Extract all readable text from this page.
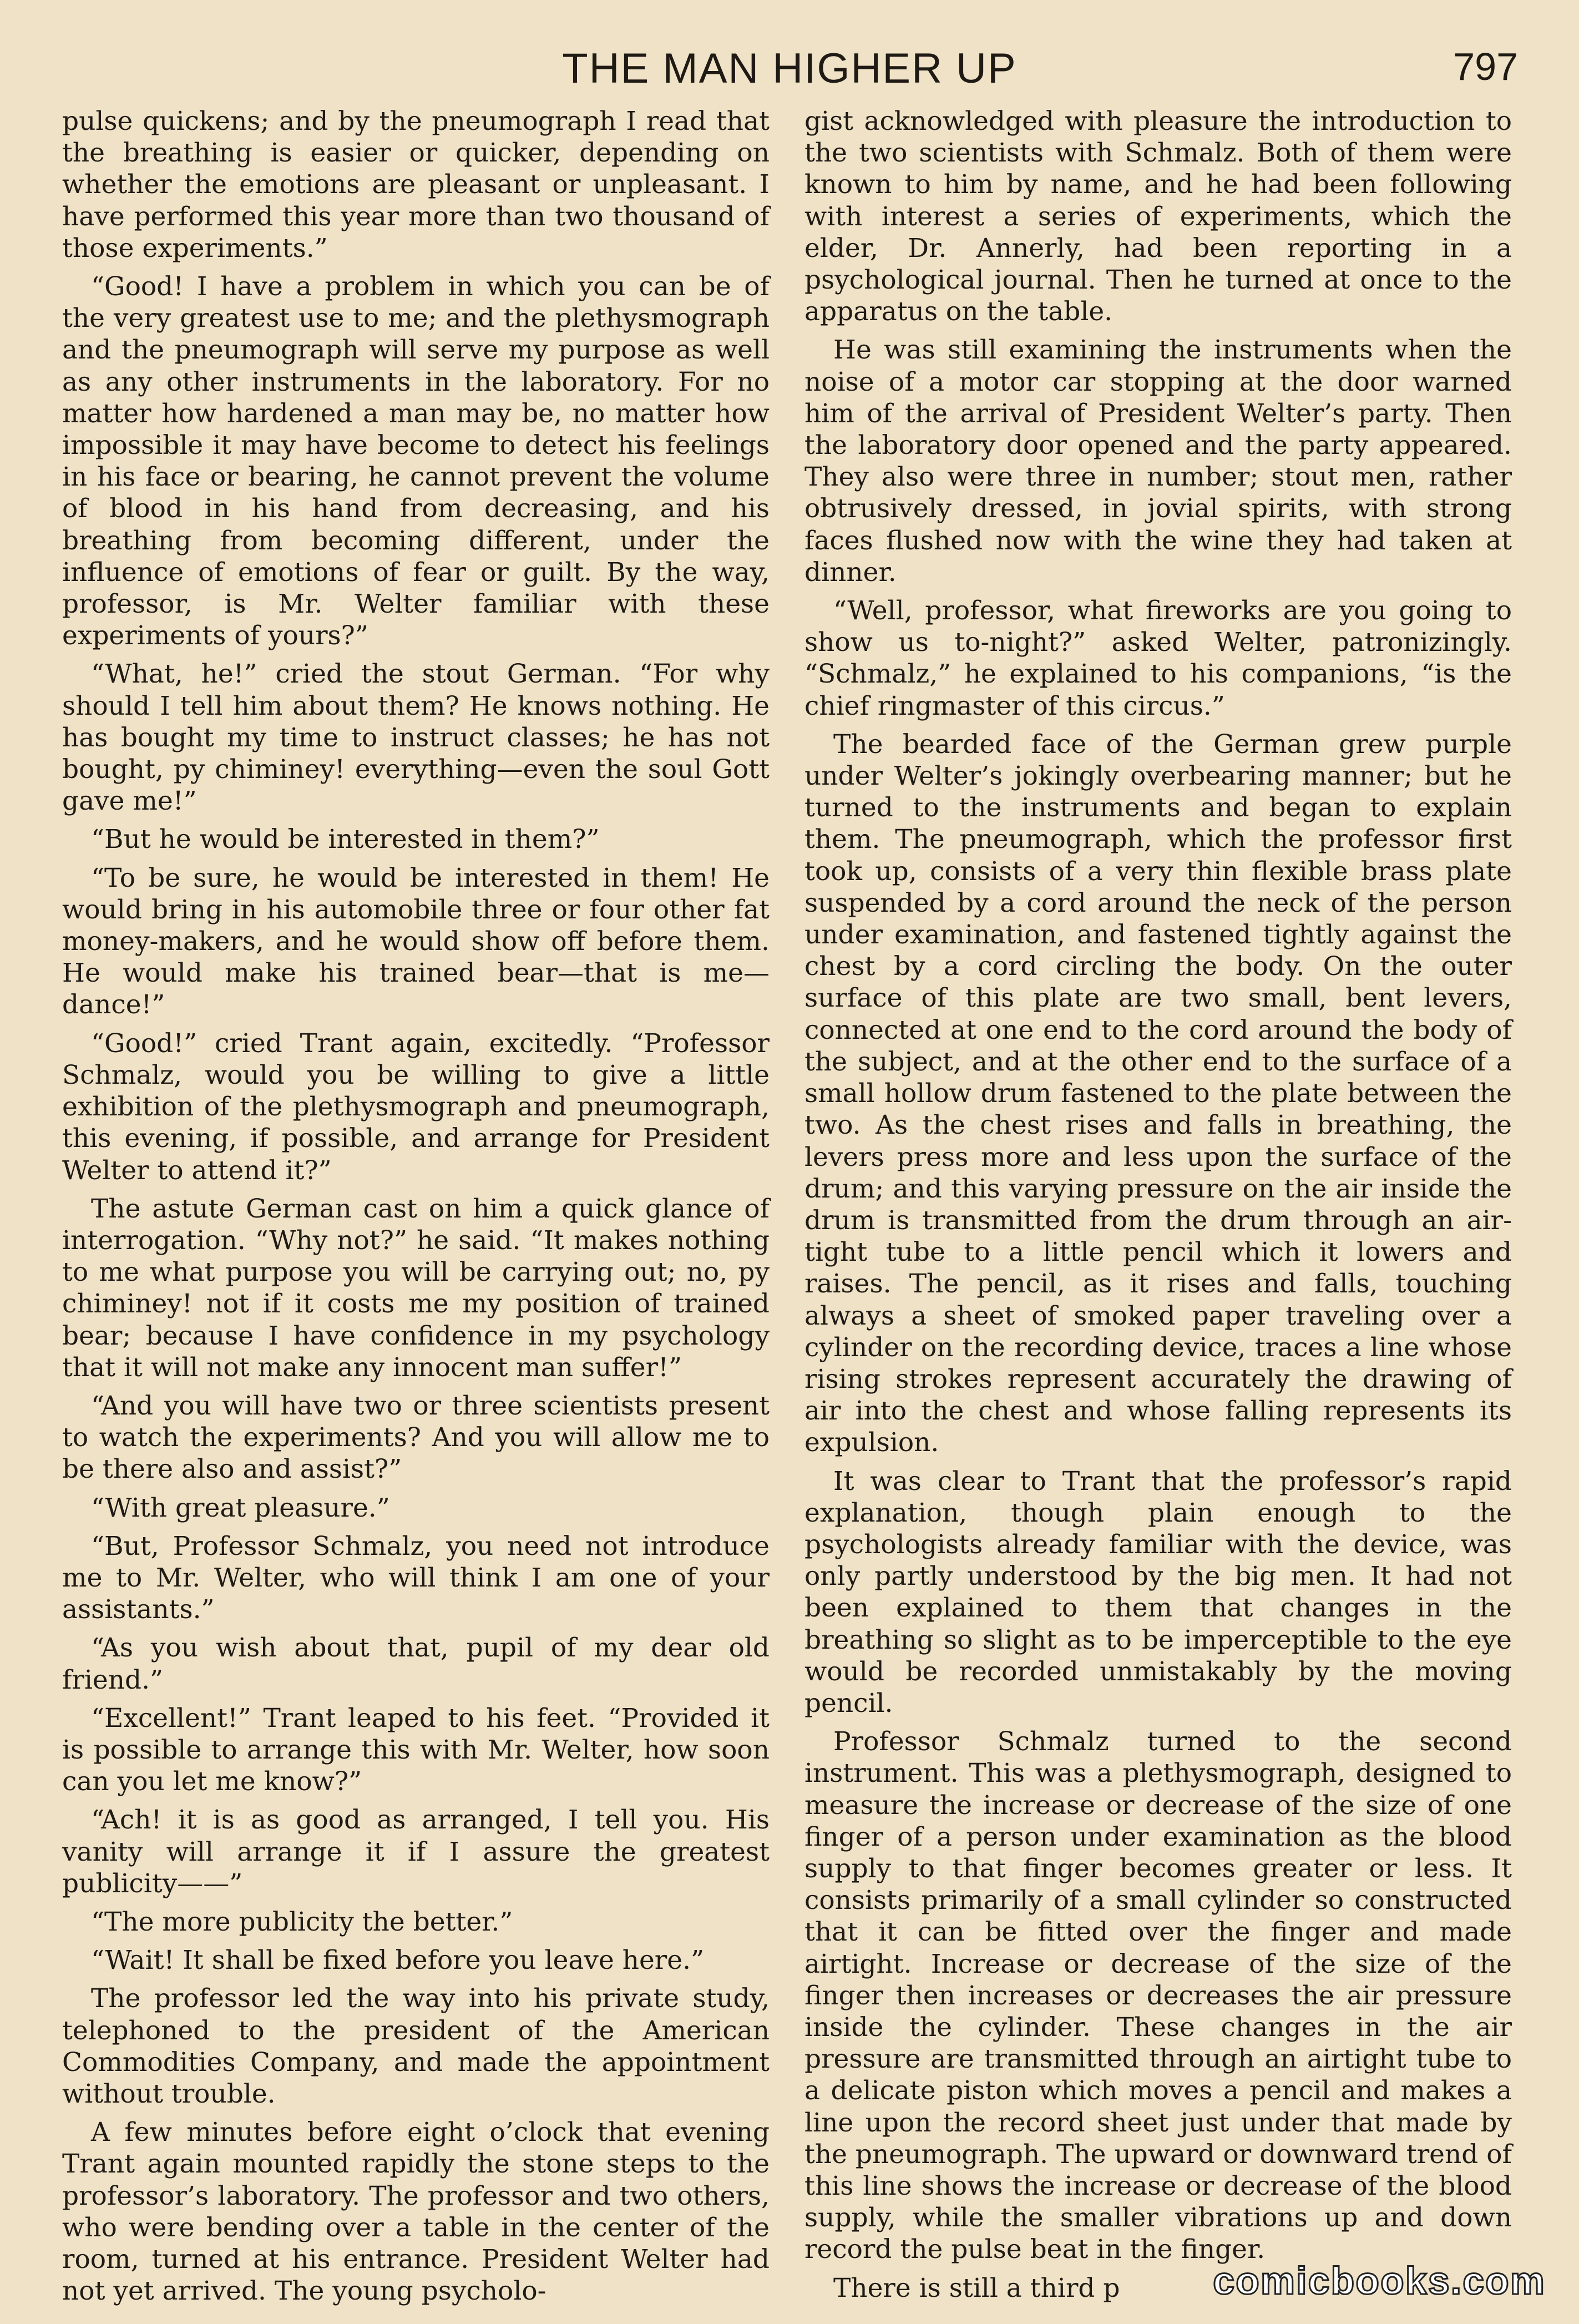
THE MAN HIGHER UP	797

pulse quickens; and by the pneumograph I read that the breathing is easier or quicker, depending on whether the emotions are pleasant or unpleasant. I have performed this year more than two thousand of those experiments.”

“Good! I have a problem in which you can be of the very greatest use to me; and the plethysmograph and the pneumograph will serve my purpose as well as any other instruments in the laboratory. For no matter how hardened a man may be, no matter how impossible it may have become to detect his feelings in his face or bearing, he cannot prevent the volume of blood in his hand from decreasing, and his breathing from becoming different, under the influence of emotions of fear or guilt. By the way, professor, is Mr. Welter familiar with these experiments of yours?”

“What, he!” cried the stout German. “For why should I tell him about them? He knows nothing. He has bought my time to instruct classes; he has not bought, py chiminey! everything—even the soul Gott gave me!”

“But he would be interested in them?”

“To be sure, he would be interested in them! He would bring in his automobile three or four other fat money-makers, and he would show off before them. He would make his trained bear—that is me—dance!”

“Good!” cried Trant again, excitedly. “Professor Schmalz, would you be willing to give a little exhibition of the plethysmograph and pneumograph, this evening, if possible, and arrange for President Welter to attend it?”

The astute German cast on him a quick glance of interrogation. “Why not?” he said. “It makes nothing to me what purpose you will be carrying out; no, py chiminey! not if it costs me my position of trained bear; because I have confidence in my psychology that it will not make any innocent man suffer!”

“And you will have two or three scientists present to watch the experiments? And you will allow me to be there also and assist?”

“With great pleasure.”

“But, Professor Schmalz, you need not introduce me to Mr. Welter, who will think I am one of your assistants.”

“As you wish about that, pupil of my dear old friend.”

“Excellent!” Trant leaped to his feet. “Provided it is possible to arrange this with Mr. Welter, how soon can you let me know?”

“Ach! it is as good as arranged, I tell you. His vanity will arrange it if I assure the greatest publicity——”

“The more publicity the better.”

“Wait! It shall be fixed before you leave here.”

The professor led the way into his private study, telephoned to the president of the American Commodities Company, and made the appointment without trouble.

A few minutes before eight o’clock that evening Trant again mounted rapidly the stone steps to the professor’s laboratory. The professor and two others, who were bending over a table in the center of the room, turned at his entrance. President Welter had not yet arrived. The young psycholo-

gist acknowledged with pleasure the introduction to the two scientists with Schmalz. Both of them were known to him by name, and he had been following with interest a series of experiments, which the elder, Dr. Annerly, had been reporting in a psychological journal. Then he turned at once to the apparatus on the table.

He was still examining the instruments when the noise of a motor car stopping at the door warned him of the arrival of President Welter’s party. Then the laboratory door opened and the party appeared. They also were three in number; stout men, rather obtrusively dressed, in jovial spirits, with strong faces flushed now with the wine they had taken at dinner.

“Well, professor, what fireworks are you going to show us to-night?” asked Welter, patronizingly. “Schmalz,” he explained to his companions, “is the chief ringmaster of this circus.”

The bearded face of the German grew purple under Welter’s jokingly overbearing manner; but he turned to the instruments and began to explain them. The pneumograph, which the professor first took up, consists of a very thin flexible brass plate suspended by a cord around the neck of the person under examination, and fastened tightly against the chest by a cord circling the body. On the outer surface of this plate are two small, bent levers, connected at one end to the cord around the body of the subject, and at the other end to the surface of a small hollow drum fastened to the plate between the two. As the chest rises and falls in breathing, the levers press more and less upon the surface of the drum; and this varying pressure on the air inside the drum is transmitted from the drum through an air-tight tube to a little pencil which it lowers and raises. The pencil, as it rises and falls, touching always a sheet of smoked paper traveling over a cylinder on the recording device, traces a line whose rising strokes represent accurately the drawing of air into the chest and whose falling represents its expulsion.

It was clear to Trant that the professor’s rapid explanation, though plain enough to the psychologists already familiar with the device, was only partly understood by the big men. It had not been explained to them that changes in the breathing so slight as to be imperceptible to the eye would be recorded unmistakably by the moving pencil.

Professor Schmalz turned to the second instrument. This was a plethysmograph, designed to measure the increase or decrease of the size of one finger of a person under examination as the blood supply to that finger becomes greater or less. It consists primarily of a small cylinder so constructed that it can be fitted over the finger and made airtight. Increase or decrease of the size of the finger then increases or decreases the air pressure inside the cylinder. These changes in the air pressure are transmitted through an airtight tube to a delicate piston which moves a pencil and makes a line upon the record sheet just under that made by the pneumograph. The upward or downward trend of this line shows the increase or decrease of the blood supply, while the smaller vibrations up and down record the pulse beat in the finger.

There is still a third p	comicbooks.com
